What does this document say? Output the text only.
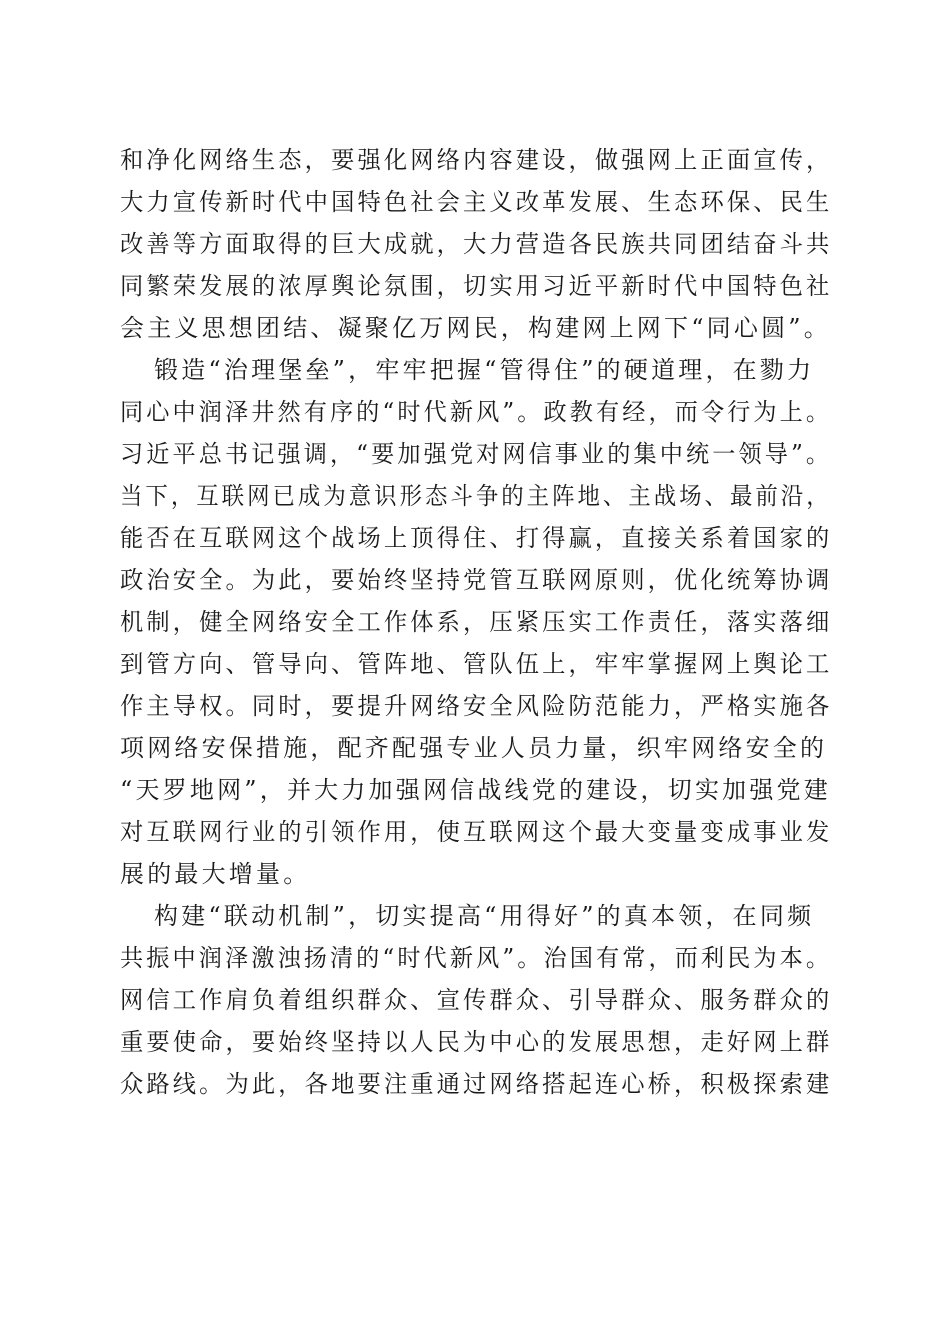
和净化网络生态，要强化网络内容建设，做强网上正面宣传，
大力宣传新时代中国特色社会主义改革发展、生态环保、民生
改善等方面取得的巨大成就，大力营造各民族共同团结奋斗共
同繁荣发展的浓厚舆论氛围，切实用习近平新时代中国特色社
会主义思想团结、凝聚亿万网民，构建网上网下“同心圆”。
锻造“治理堡垒”，牢牢把握“管得住”的硬道理，在勠力
同心中润泽井然有序的“时代新风”。政教有经，而令行为上。
习近平总书记强调，“要加强党对网信事业的集中统一领导”。
当下，互联网已成为意识形态斗争的主阵地、主战场、最前沿，
能否在互联网这个战场上顶得住、打得赢，直接关系着国家的
政治安全。为此，要始终坚持党管互联网原则，优化统筹协调
机制，健全网络安全工作体系，压紧压实工作责任，落实落细
到管方向、管导向、管阵地、管队伍上，牢牢掌握网上舆论工
作主导权。同时，要提升网络安全风险防范能力，严格实施各
项网络安保措施，配齐配强专业人员力量，织牢网络安全的
“天罗地网”，并大力加强网信战线党的建设，切实加强党建
对互联网行业的引领作用，使互联网这个最大变量变成事业发
展的最大增量。
构建“联动机制”，切实提高“用得好”的真本领，在同频
共振中润泽激浊扬清的“时代新风”。治国有常，而利民为本。
网信工作肩负着组织群众、宣传群众、引导群众、服务群众的
重要使命，要始终坚持以人民为中心的发展思想，走好网上群
众路线。为此，各地要注重通过网络搭起连心桥，积极探索建
